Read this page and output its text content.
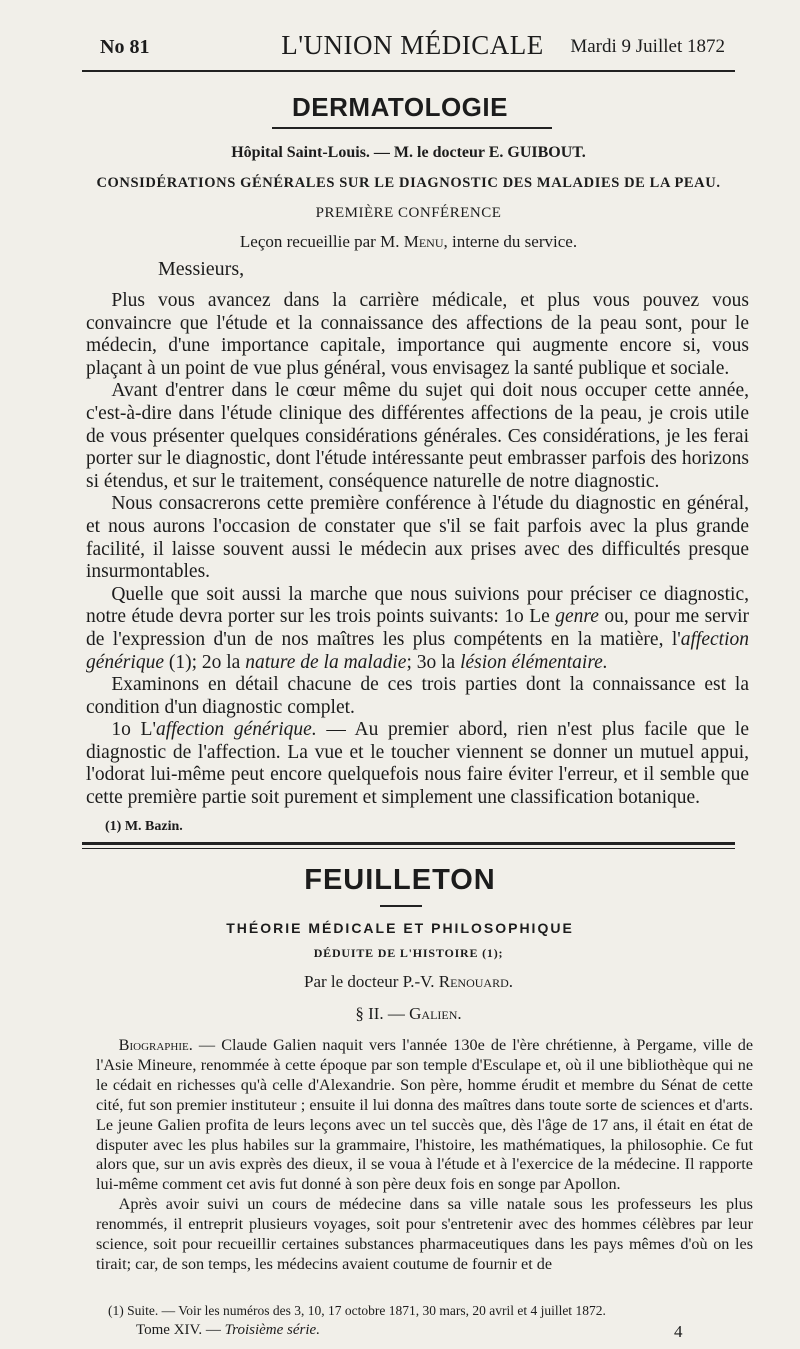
No 81	L'UNION MÉDICALE	Mardi 9 Juillet 1872
DERMATOLOGIE
Hôpital Saint-Louis. — M. le docteur E. GUIBOUT.
CONSIDÉRATIONS GÉNÉRALES SUR LE DIAGNOSTIC DES MALADIES DE LA PEAU.
PREMIÈRE CONFÉRENCE
Leçon recueillie par M. Menu, interne du service.
Messieurs,

Plus vous avancez dans la carrière médicale, et plus vous pouvez vous convaincre que l'étude et la connaissance des affections de la peau sont, pour le médecin, d'une importance capitale, importance qui augmente encore si, vous plaçant à un point de vue plus général, vous envisagez la santé publique et sociale.

Avant d'entrer dans le cœur même du sujet qui doit nous occuper cette année, c'est-à-dire dans l'étude clinique des différentes affections de la peau, je crois utile de vous présenter quelques considérations générales. Ces considérations, je les ferai porter sur le diagnostic, dont l'étude intéressante peut embrasser parfois des horizons si étendus, et sur le traitement, conséquence naturelle de notre diagnostic.

Nous consacrerons cette première conférence à l'étude du diagnostic en général, et nous aurons l'occasion de constater que s'il se fait parfois avec la plus grande facilité, il laisse souvent aussi le médecin aux prises avec des difficultés presque insurmontables.

Quelle que soit aussi la marche que nous suivions pour préciser ce diagnostic, notre étude devra porter sur les trois points suivants: 1o Le genre ou, pour me servir de l'expression d'un de nos maîtres les plus compétents en la matière, l'affection générique (1); 2o la nature de la maladie; 3o la lésion élémentaire.

Examinons en détail chacune de ces trois parties dont la connaissance est la condition d'un diagnostic complet.

1o L'affection générique. — Au premier abord, rien n'est plus facile que le diagnostic de l'affection. La vue et le toucher viennent se donner un mutuel appui, l'odorat lui-même peut encore quelquefois nous faire éviter l'erreur, et il semble que cette première partie soit purement et simplement une classification botanique.

(1) M. Bazin.
FEUILLETON
THÉORIE MÉDICALE ET PHILOSOPHIQUE
DÉDUITE DE L'HISTOIRE (1);
Par le docteur P.-V. Renouard.
§ II. — Galien.

Biographie. — Claude Galien naquit vers l'année 130e de l'ère chrétienne, à Pergame, ville de l'Asie Mineure, renommée à cette époque par son temple d'Esculape et, où il une bibliothèque qui ne le cédait en richesses qu'à celle d'Alexandrie. Son père, homme érudit et membre du Sénat de cette cité, fut son premier instituteur ; ensuite il lui donna des maîtres dans toute sorte de sciences et d'arts. Le jeune Galien profita de leurs leçons avec un tel succès que, dès l'âge de 17 ans, il était en état de disputer avec les plus habiles sur la grammaire, l'histoire, les mathématiques, la philosophie. Ce fut alors que, sur un avis exprès des dieux, il se voua à l'étude et à l'exercice de la médecine. Il rapporte lui-même comment cet avis fut donné à son père deux fois en songe par Apollon.

Après avoir suivi un cours de médecine dans sa ville natale sous les professeurs les plus renommés, il entreprit plusieurs voyages, soit pour s'entretenir avec des hommes célèbres par leur science, soit pour recueillir certaines substances pharmaceutiques dans les pays mêmes d'où on les tirait; car, de son temps, les médecins avaient coutume de fournir et de

(1) Suite. — Voir les numéros des 3, 10, 17 octobre 1871, 30 mars, 20 avril et 4 juillet 1872.
Tome XIV. — Troisième série.	4
